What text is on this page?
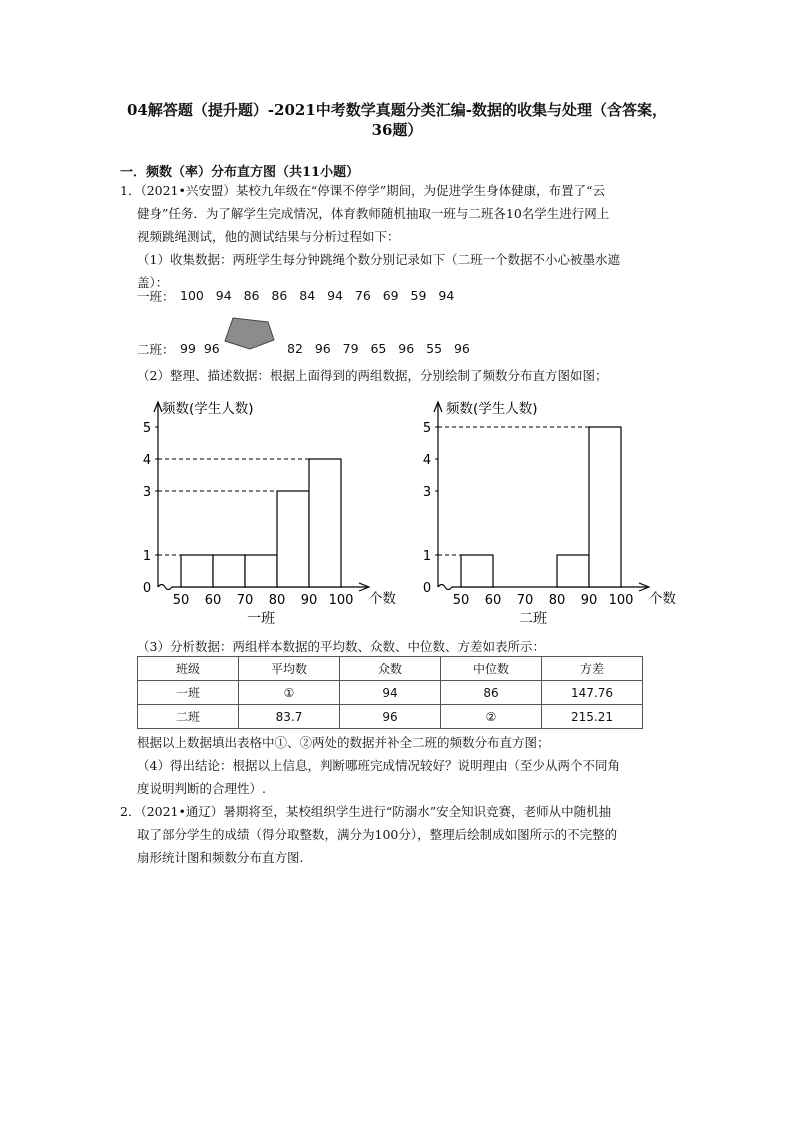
04解答题（提升题）-2021中考数学真题分类汇编-数据的收集与处理（含答案，
36题）
一．频数（率）分布直方图（共11小题）
1．（2021•兴安盟）某校九年级在“停课不停学”期间，为促进学生身体健康，布置了“云
健身”任务．为了解学生完成情况，体育教师随机抽取一班与二班各10名学生进行网上
视频跳绳测试，他的测试结果与分析过程如下：
（1）收集数据：两班学生每分钟跳绳个数分别记录如下（二班一个数据不小心被墨水遮
盖）：
一班： 100   94   86   86   84   94   76   69   59   94
二班： 99  96	82   96   79   65   96   55   96
（2）整理、描述数据：根据上面得到的两组数据，分别绘制了频数分布直方图如图；
频数(学生人数)
个数
一班
0
1
3
4
5
50 60 70 80 90 100
频数(学生人数)
个数
二班
0
1
3
4
5
50 60 70 80 90 100
（3）分析数据：两组样本数据的平均数、众数、中位数、方差如表所示：
班级	平均数	众数	中位数	方差
一班	①	94	86	147.76
二班	83.7	96	②	215.21
根据以上数据填出表格中①、②两处的数据并补全二班的频数分布直方图；
（4）得出结论：根据以上信息，判断哪班完成情况较好？说明理由（至少从两个不同角
度说明判断的合理性）.
2．（2021•通辽）暑期将至，某校组织学生进行“防溺水”安全知识竞赛，老师从中随机抽
取了部分学生的成绩（得分取整数，满分为100分），整理后绘制成如图所示的不完整的
扇形统计图和频数分布直方图.
